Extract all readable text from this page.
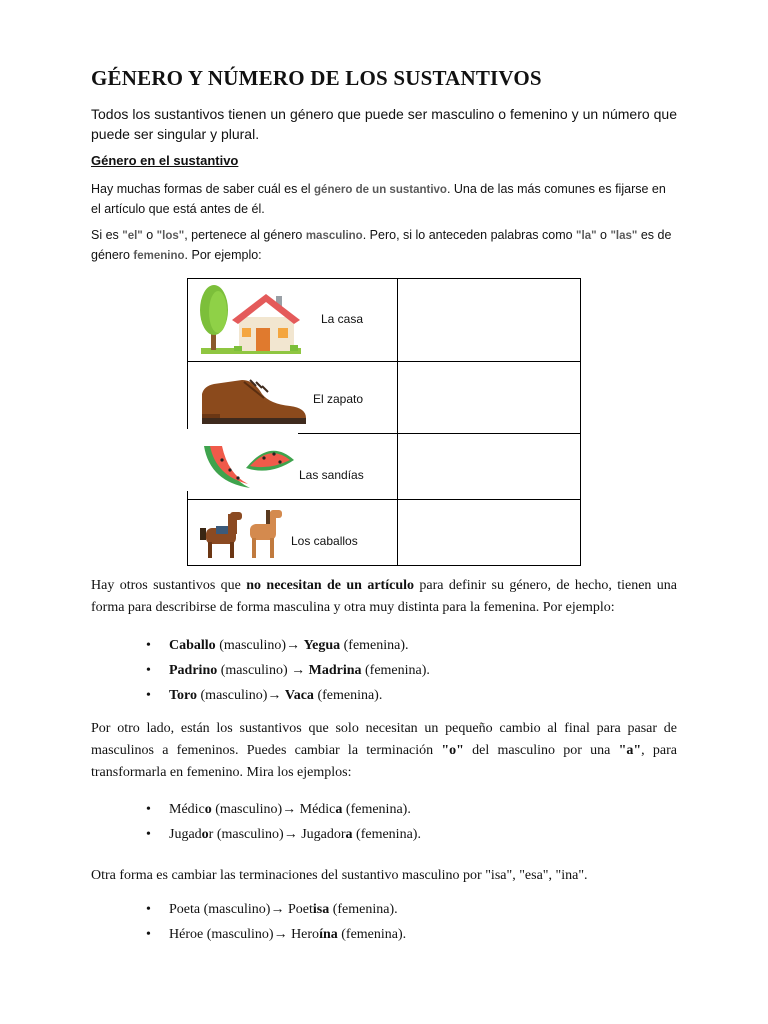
GÉNERO Y NÚMERO DE LOS SUSTANTIVOS

Todos los sustantivos tienen un género que puede ser masculino o femenino y un número que puede ser singular y plural.

Género en el sustantivo

Hay muchas formas de saber cuál es el género de un sustantivo. Una de las más comunes es fijarse en el artículo que está antes de él.

Si es "el" o "los", pertenece al género masculino. Pero, si lo anteceden palabras como "la" o "las" es de género femenino. Por ejemplo:

La casa
El zapato
Las sandías
Los caballos

Hay otros sustantivos que no necesitan de un artículo para definir su género, de hecho, tienen una forma para describirse de forma masculina y otra muy distinta para la femenina. Por ejemplo:

• Caballo (masculino)→ Yegua (femenina).
• Padrino (masculino) → Madrina (femenina).
• Toro (masculino)→ Vaca (femenina).

Por otro lado, están los sustantivos que solo necesitan un pequeño cambio al final para pasar de masculinos a femeninos. Puedes cambiar la terminación "o" del masculino por una "a", para transformarla en femenino. Mira los ejemplos:

• Médico (masculino)→ Médica (femenina).
• Jugador (masculino)→ Jugadora (femenina).

Otra forma es cambiar las terminaciones del sustantivo masculino por "isa", "esa", "ina".

• Poeta (masculino)→ Poetisa (femenina).
• Héroe (masculino)→ Heroína (femenina).
